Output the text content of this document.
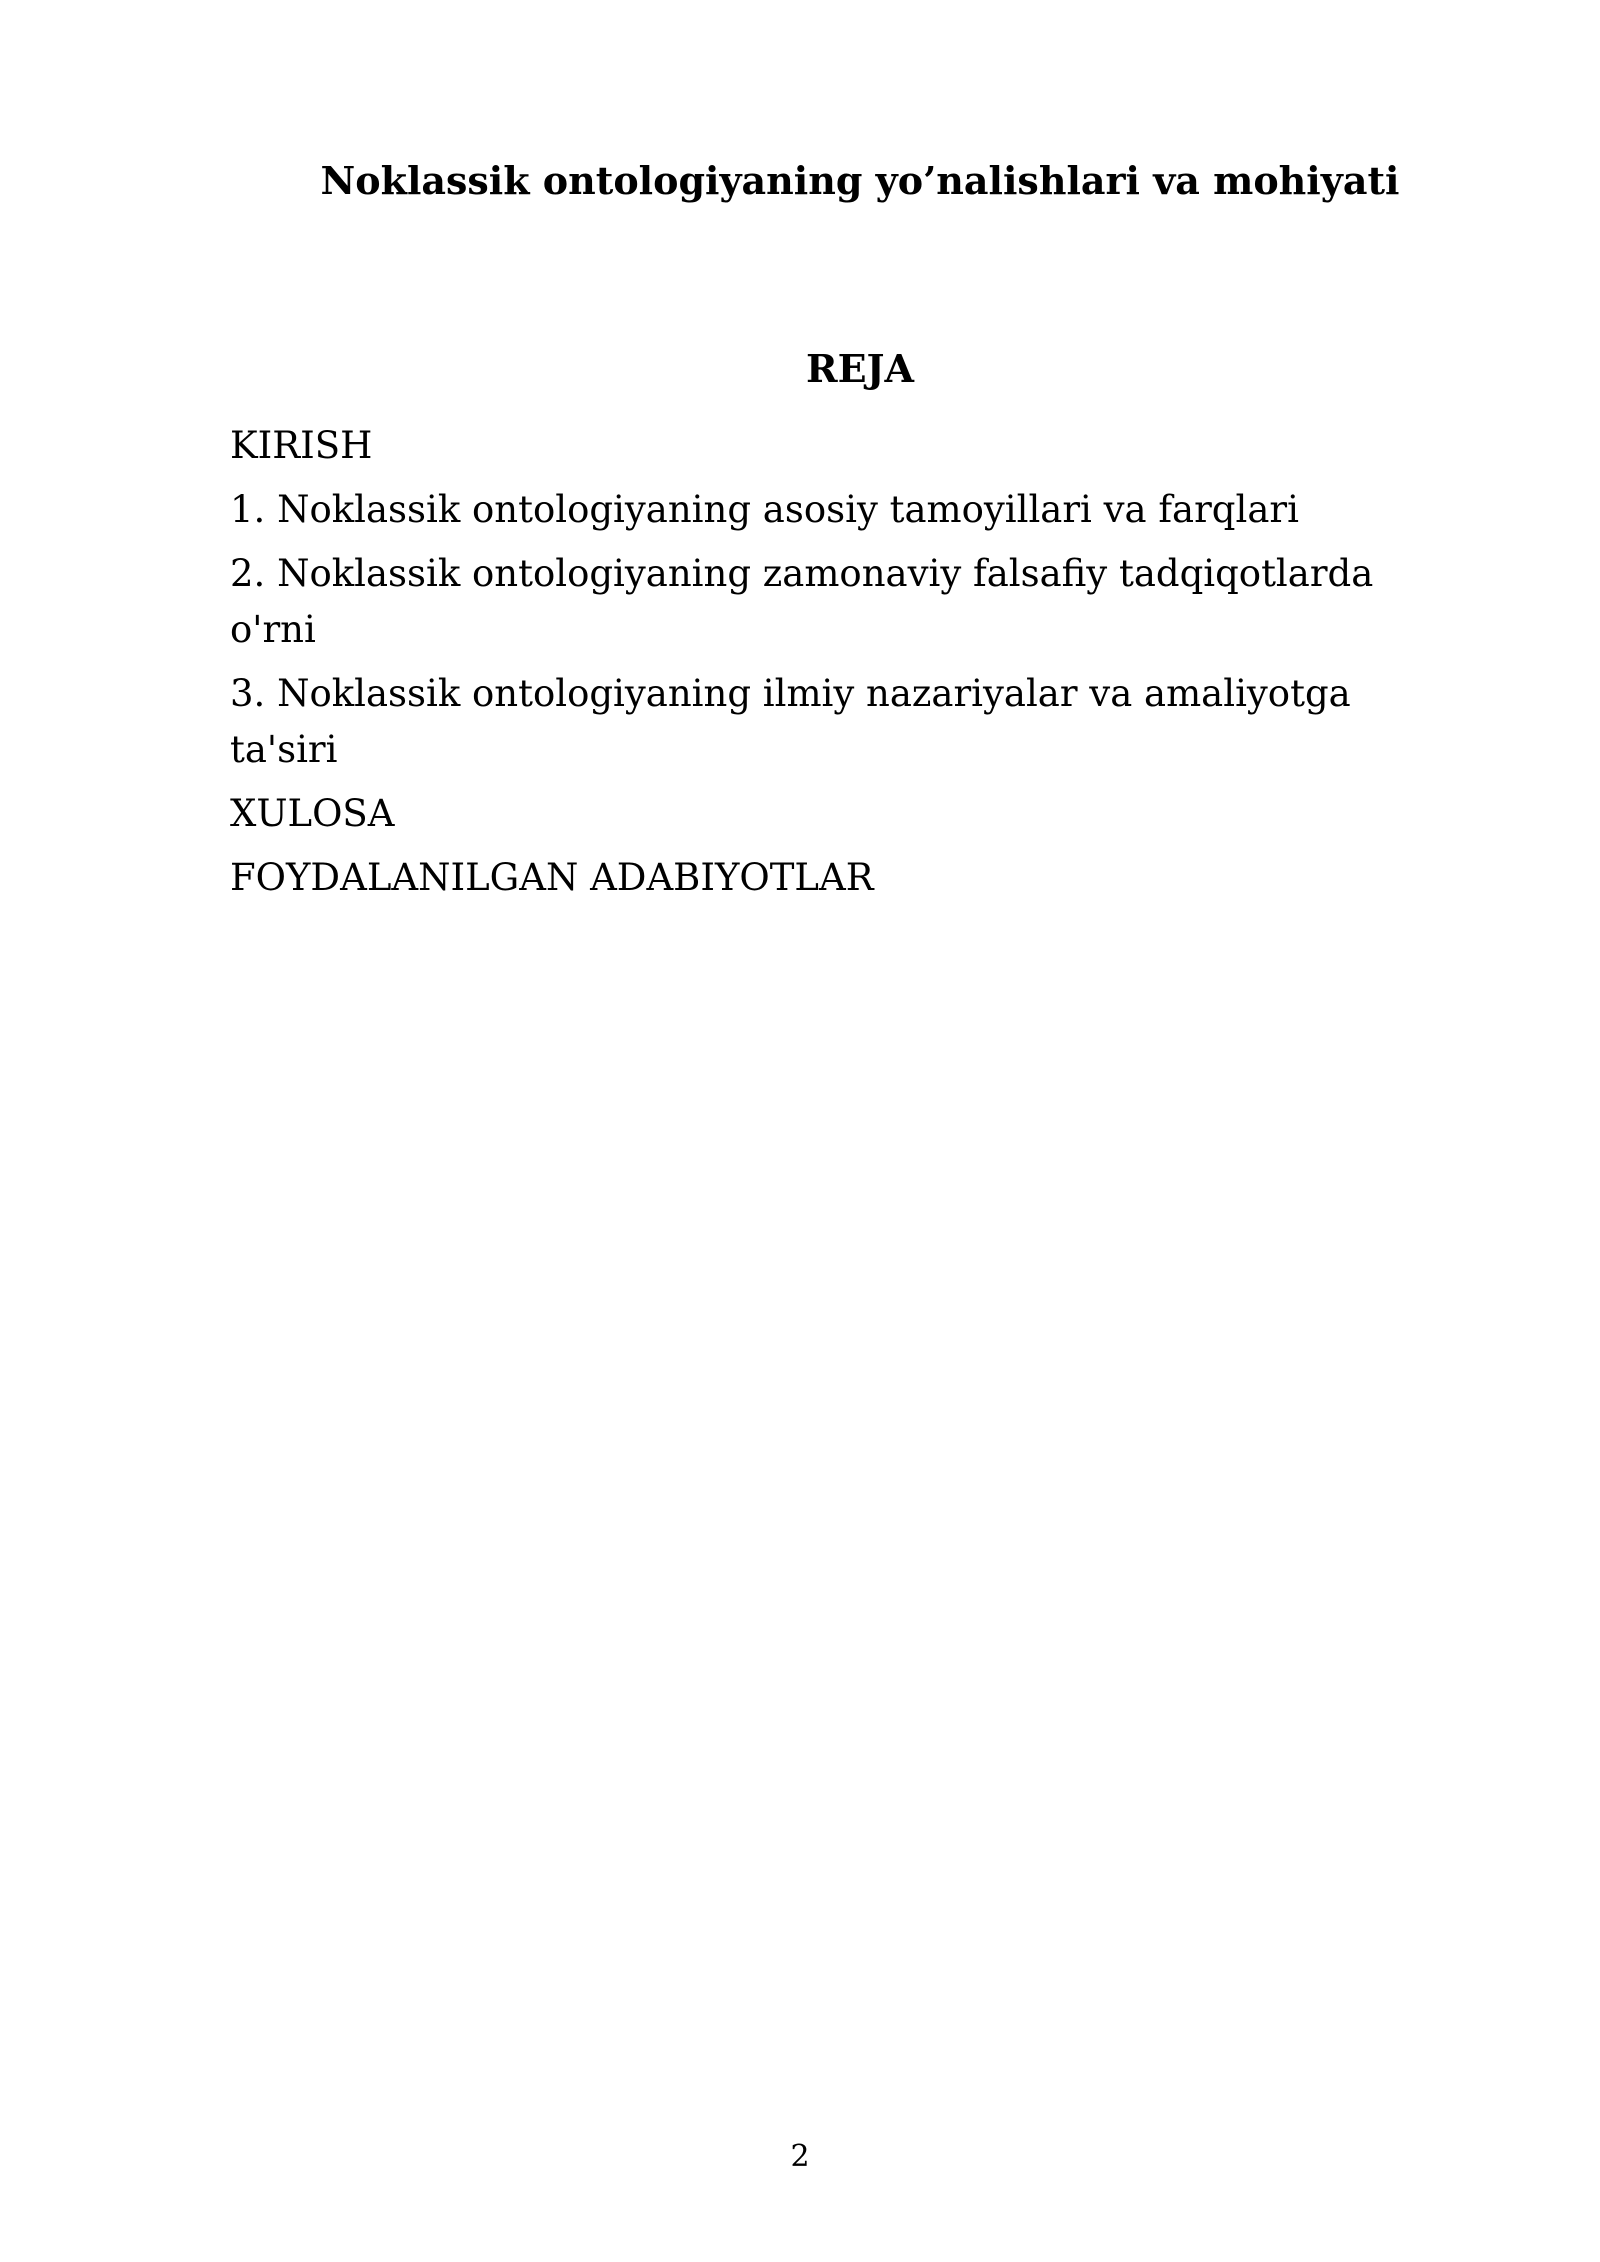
Noklassik ontologiyaning yo’nalishlari va mohiyati
REJA
KIRISH
1. Noklassik ontologiyaning asosiy tamoyillari va farqlari
2. Noklassik ontologiyaning zamonaviy falsafiy tadqiqotlarda o'rni
3. Noklassik ontologiyaning ilmiy nazariyalar va amaliyotga ta'siri
XULOSA
FOYDALANILGAN ADABIYOTLAR

2
